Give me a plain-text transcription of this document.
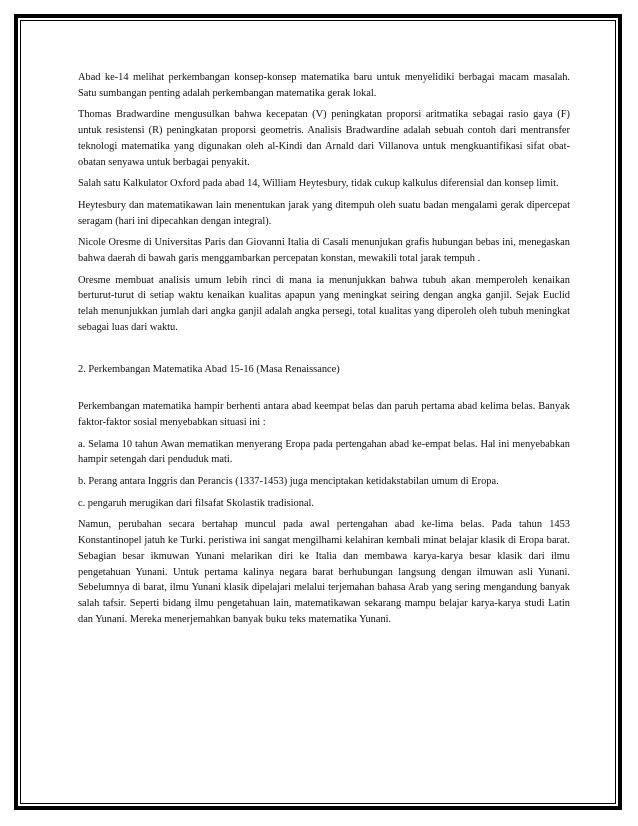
Abad ke-14 melihat perkembangan konsep-konsep matematika baru untuk menyelidiki berbagai macam masalah. Satu sumbangan penting adalah perkembangan matematika gerak lokal.

Thomas Bradwardine mengusulkan bahwa kecepatan (V) peningkatan proporsi aritmatika sebagai rasio gaya (F) untuk resistensi (R) peningkatan proporsi geometris. Analisis Bradwardine adalah sebuah contoh dari mentransfer teknologi matematika yang digunakan oleh al-Kindi dan Arnald dari Villanova untuk mengkuantifikasi sifat obat-obatan senyawa untuk berbagai penyakit.

Salah satu Kalkulator Oxford pada abad 14, William Heytesbury, tidak cukup kalkulus diferensial dan konsep limit.

Heytesbury dan matematikawan lain menentukan jarak yang ditempuh oleh suatu badan mengalami gerak dipercepat seragam (hari ini dipecahkan dengan integral).

Nicole Oresme di Universitas Paris dan Giovanni Italia di Casali menunjukan grafis hubungan bebas ini, menegaskan bahwa daerah di bawah garis menggambarkan percepatan konstan, mewakili total jarak tempuh .

Oresme membuat analisis umum lebih rinci di mana ia menunjukkan bahwa tubuh akan memperoleh kenaikan berturut-turut di setiap waktu kenaikan kualitas apapun yang meningkat seiring dengan angka ganjil. Sejak Euclid telah menunjukkan jumlah dari angka ganjil adalah angka persegi, total kualitas yang diperoleh oleh tubuh meningkat sebagai luas dari waktu.

2. Perkembangan Matematika Abad 15-16 (Masa Renaissance)

Perkembangan matematika hampir berhenti antara abad keempat belas dan paruh pertama abad kelima belas. Banyak faktor-faktor sosial menyebabkan situasi ini :

a. Selama 10 tahun Awan mematikan menyerang Eropa pada pertengahan abad ke-empat belas. Hal ini menyebabkan hampir setengah dari penduduk mati.

b. Perang antara Inggris dan Perancis (1337-1453) juga menciptakan ketidakstabilan umum di Eropa.

c. pengaruh merugikan dari filsafat Skolastik tradisional.

Namun, perubahan secara bertahap muncul pada awal pertengahan abad ke-lima belas. Pada tahun 1453 Konstantinopel jatuh ke Turki. peristiwa ini sangat mengilhami kelahiran kembali minat belajar klasik di Eropa barat. Sebagian besar ikmuwan Yunani melarikan diri ke Italia dan membawa karya-karya besar klasik dari ilmu pengetahuan Yunani. Untuk pertama kalinya negara barat berhubungan langsung dengan ilmuwan asli Yunani. Sebelumnya di barat, ilmu Yunani klasik dipelajari melalui terjemahan bahasa Arab yang sering mengandung banyak salah tafsir. Seperti bidang ilmu pengetahuan lain, matematikawan sekarang mampu belajar karya-karya studi Latin dan Yunani. Mereka menerjemahkan banyak buku teks matematika Yunani.
